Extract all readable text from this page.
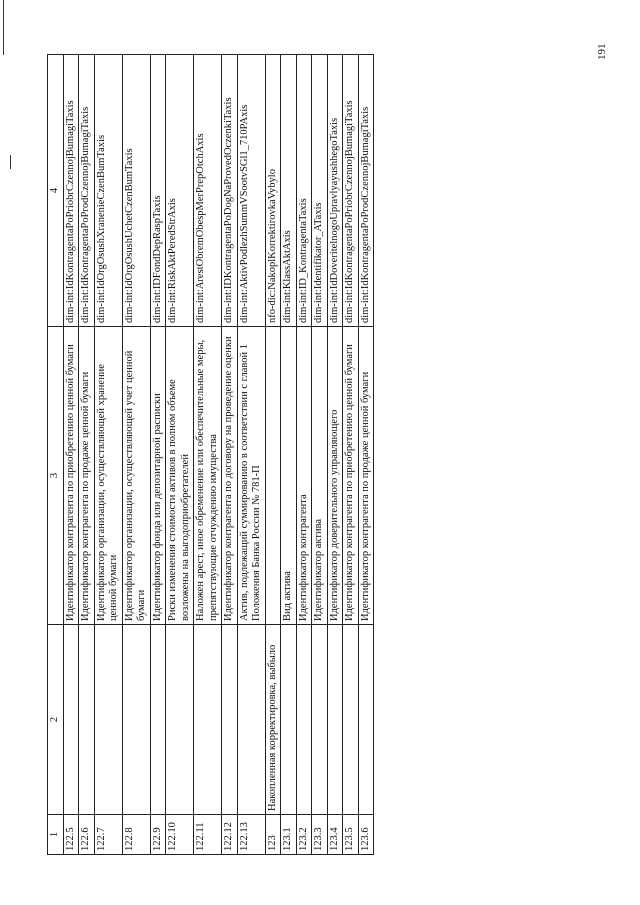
191
1	2	3	4
122.5		Идентификатор контрагента по приобретению ценной бумаги	dim-int:IdKontragentaPoPriobrCzennojBumagiTaxis
122.6		Идентификатор контрагента по продаже ценной бумаги	dim-int:IdKontragentaPoProdCzennojBumagiTaxis
122.7		Идентификатор организации, осуществляющей хранение ценной бумаги	dim-int:IdOrgOsushXranenieCzenBumTaxis
122.8		Идентификатор организации, осуществляющей учет ценной бумаги	dim-int:IdOrgOsushUchetCzenBumTaxis
122.9		Идентификатор фонда или депозитарной расписки	dim-int:IDFondDepRaspTaxis
122.10		Риски изменения стоимости активов в полном объеме возложены на выгодоприобретателей	dim-int:RiskAktPeredStrAxis
122.11		Наложен арест, иное обременение или обеспечительные меры, препятствующие отчуждению имущества	dim-int:ArestObremObespMerPrepOtchAxis
122.12		Идентификатор контрагента по договору на проведение оценки	dim-int:IDKontragentaPoDogNaProvedOczenkiTaxis
122.13		Актив, подлежащий суммированию в соответствии с главой 1 Положения Банка России № 781-П	dim-int:AktivPodlezhSummVSootvSGl1_710PAxis
123	Накопленная корректировка, выбыло		nfo-dic:NakoplKorrektirovkaVybylo
123.1		Вид актива	dim-int:KlassAktAxis
123.2		Идентификатор контрагента	dim-int:ID_KontragentaTaxis
123.3		Идентификатор актива	dim-int:Identifikator_ATaxis
123.4		Идентификатор доверительного управляющего	dim-int:IdDoveritelnogoUpravlyayushhegoTaxis
123.5		Идентификатор контрагента по приобретению ценной бумаги	dim-int:IdKontragentaPoPriobrCzennojBumagiTaxis
123.6		Идентификатор контрагента по продаже ценной бумаги	dim-int:IdKontragentaPoProdCzennojBumagiTaxis
